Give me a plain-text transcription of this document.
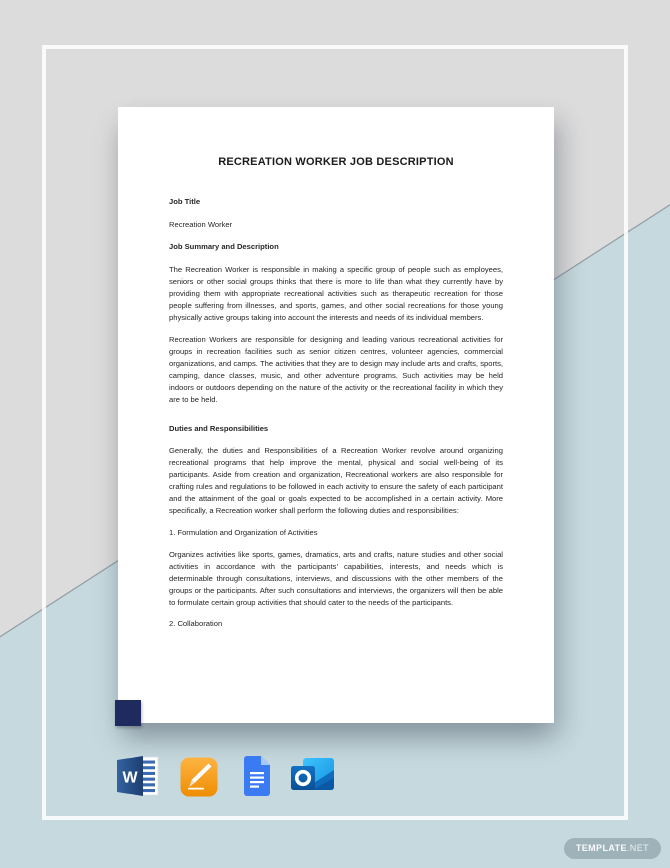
RECREATION WORKER JOB DESCRIPTION
Job Title
Recreation Worker
Job Summary and Description
The Recreation Worker is responsible in making a specific group of people such as employees, seniors or other social groups thinks that there is more to life than what they currently have by providing them with appropriate recreational activities such as therapeutic recreation for those people suffering from illnesses, and sports, games, and other social recreations for those young physically active groups taking into account the interests and needs of its individual members.
Recreation Workers are responsible for designing and leading various recreational activities for groups in recreation facilities such as senior citizen centres, volunteer agencies, commercial organizations, and camps. The activities that they are to design may include arts and crafts, sports, camping, dance classes, music, and other adventure programs. Such activities may be held indoors or outdoors depending on the nature of the activity or the recreational facility in which they are to be held.
Duties and Responsibilities
Generally, the duties and Responsibilities of a Recreation Worker revolve around organizing recreational programs that help improve the mental, physical and social well-being of its participants. Aside from creation and organization, Recreational workers are also responsible for crafting rules and regulations to be followed in each activity to ensure the safety of each participant and the attainment of the goal or goals expected to be accomplished in a certain activity. More specifically, a Recreation worker shall perform the following duties and responsibilities:
1. Formulation and Organization of Activities
Organizes activities like sports, games, dramatics, arts and crafts, nature studies and other social activities in accordance with the participants’ capabilities, interests, and needs which is determinable through consultations, interviews, and discussions with the other members of the groups or the participants. After such consultations and interviews, the organizers will then be able to formulate certain group activities that should cater to the needs of the participants.
2. Collaboration
W
TEMPLATE.NET
